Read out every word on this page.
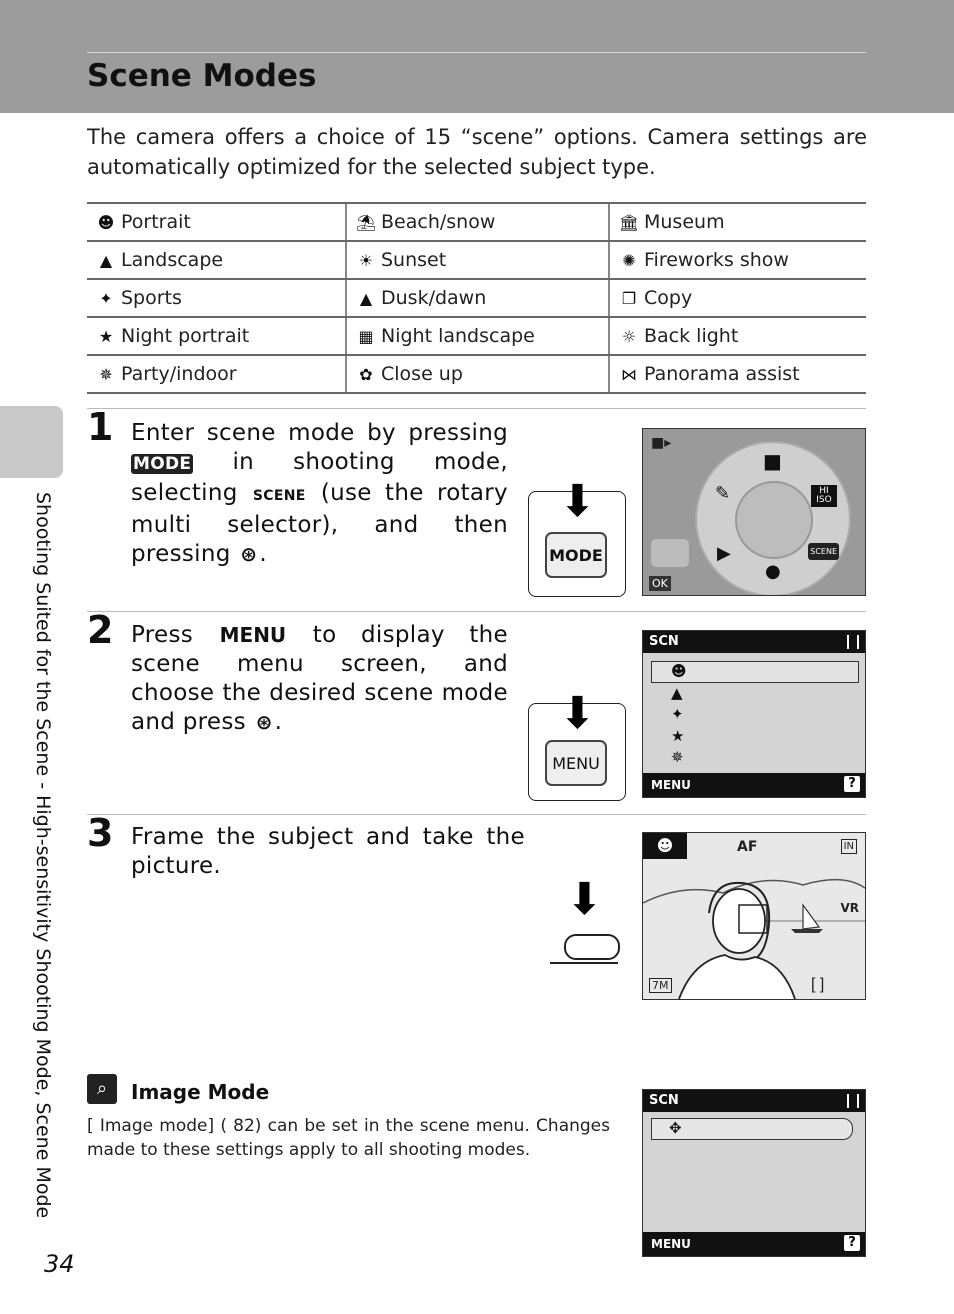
Scene Modes

The camera offers a choice of 15 “scene” options. Camera settings are automatically optimized for the selected subject type.

☻ Portrait	⛱ Beach/snow	🏛 Museum
▲ Landscape	☀ Sunset	✺ Fireworks show
✦ Sports	▲ Dusk/dawn	❐ Copy
★ Night portrait	▦ Night landscape	☼ Back light
✵ Party/indoor	✿ Close up	⋈ Panorama assist
Shooting Suited for the Scene - High-sensitivity Shooting Mode, Scene Mode
1 Enter scene mode by pressing MODE in shooting mode, selecting SCENE (use the rotary multi selector), and then pressing ⊛.

⬇
MODE
■▸
OK
■
✎	HI ISO
▶
●
SCENE
2 Press MENU to display the scene menu screen, and choose the desired scene mode and press ⊛.	⬇
MENU
SCN
☻
▲
✦
★
✵
MENU	?
3 Frame the subject and take the picture.

⬇
☻	AF	IN
VR
7M	[ ]
⌕	Image Mode

[ Image mode] ( 82) can be set in the scene menu. Changes made to these settings apply to all shooting modes.

SCN
✥
MENU	?
34
